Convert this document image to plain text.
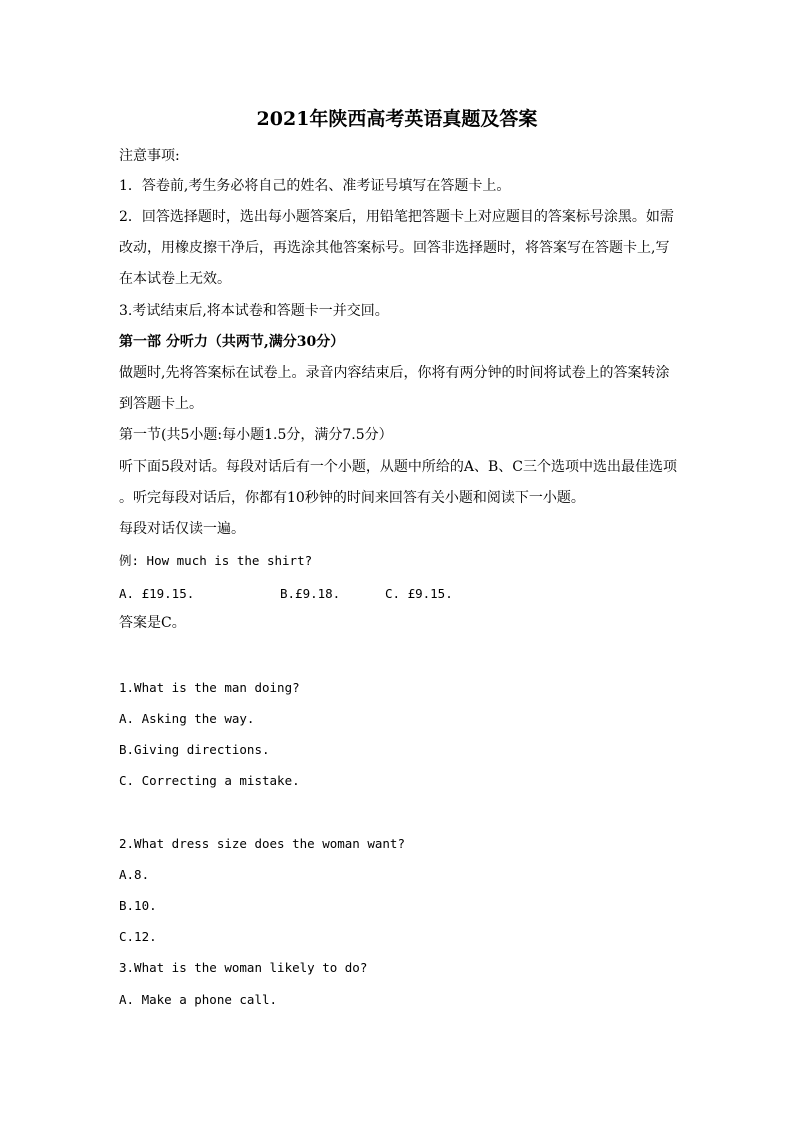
2021年陕西高考英语真题及答案
注意事项:
1．答卷前,考生务必将自己的姓名、准考证号填写在答题卡上。
2．回答选择题时，选出每小题答案后，用铅笔把答题卡上对应题目的答案标号涂黑。如需
改动，用橡皮擦干净后，再选涂其他答案标号。回答非选择题时，将答案写在答题卡上,写
在本试卷上无效。
3.考试结束后,将本试卷和答题卡一并交回。
第一部 分听力（共两节,满分30分）
做题时,先将答案标在试卷上。录音内容结束后，你将有两分钟的时间将试卷上的答案转涂
到答题卡上。
第一节(共5小题:每小题1.5分，满分7.5分）
听下面5段对话。每段对话后有一个小题，从题中所给的A、B、C三个选项中选出最佳选项
。听完每段对话后，你都有10秒钟的时间来回答有关小题和阅读下一小题。
每段对话仅读一遍。
例: How much is the shirt?
A. £19.15.	B.£9.18.	C. £9.15.
答案是C。
1.What is the man doing?
A. Asking the way.
B.Giving directions.
C. Correcting a mistake.
2.What dress size does the woman want?
A.8.
B.10.
C.12.
3.What is the woman likely to do?
A. Make a phone call.
